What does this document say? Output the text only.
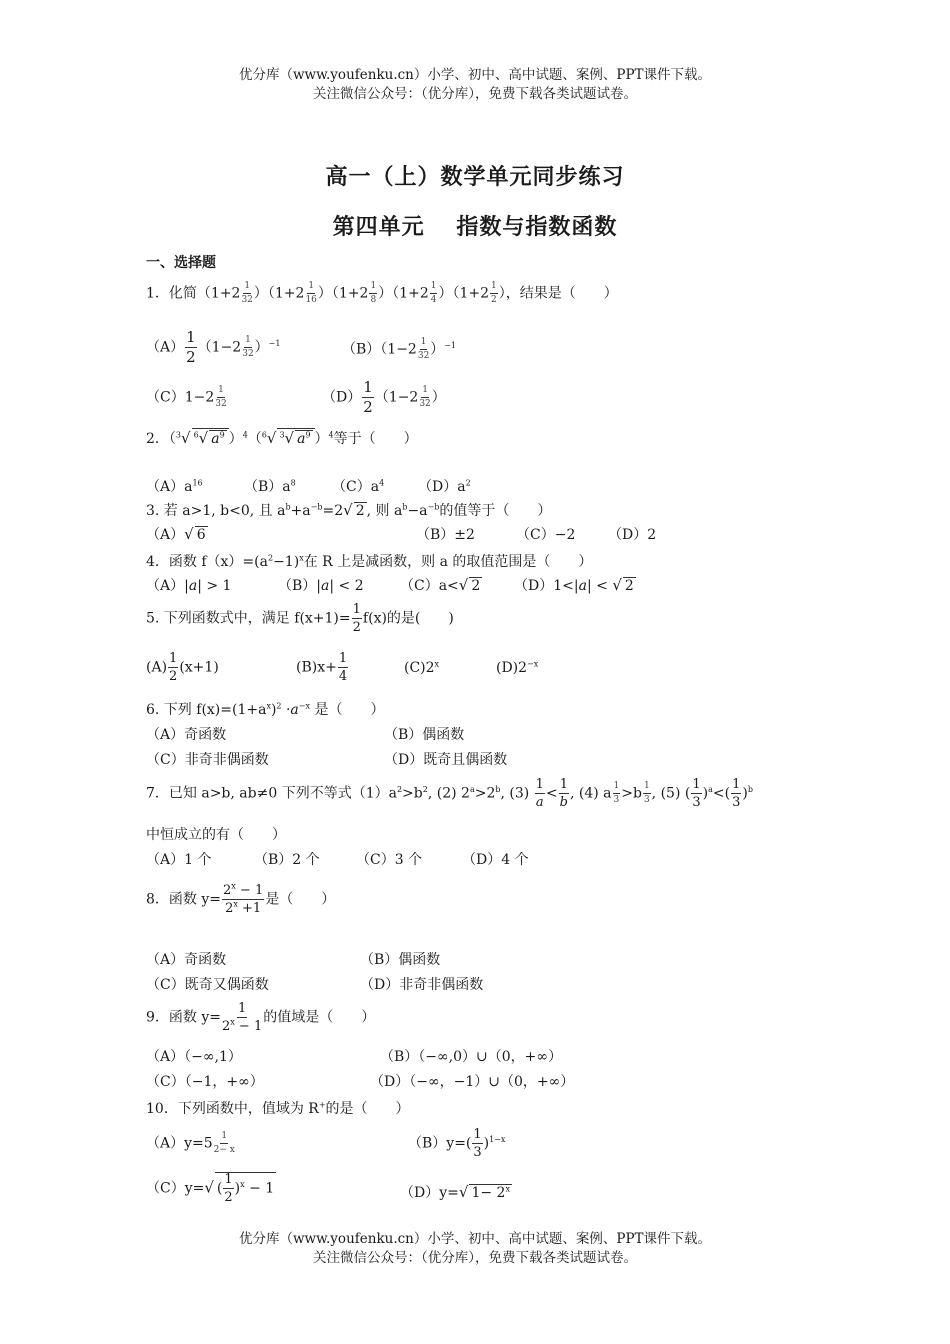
优分库（www.youfenku.cn）小学、初中、高中试题、案例、PPT课件下载。
关注微信公众号：（优分库），免费下载各类试题试卷。
高一（上）数学单元同步练习
第四单元　 指数与指数函数
一、选择题
1．化简$(1+2 \frac{1}{32} )(1+2 \frac{1}{16} )(1+2 \frac{1}{8} )(1+2 \frac{1}{4} )(1+2 \frac{1}{2}$ ），结果是（　　）
$(A) \frac{1}{2} (1-2 \frac{1}{32} )^{-1}$	$(B)(1-2 \frac{1}{32} )^{-1}$
$(C)1-2 \frac{1}{32}$	$(D) \frac{1}{2} (1-2 \frac{1}{32}$ ）
2．（$^3$√ $^6$√ $a^9$ ）$^4$（$^6$√ $^3$√ $a^9$ ）$^4$等于（　　）
$(A)a^{16}$	$(B)a^8$	$(C)a^4$ $(D)a^2$
3. 若 a>1, b<0, 且 $a^b+a^{-b}=2√$ 2 , 则 $a^b-a^{-b}$的值等于（　　）
（A）√ 6	（B）±2	（C）−2 （D）2
4．函数 $f(x)=(a^2-1)^x$在 R 上是减函数，则 a 的取值范围是（　　）
（A）|a| > 1	（B）|a| < 2	（C）a<√ 2 （D）1<|a| < √ 2
5. 下列函数式中，满足 $f(x+1)= \frac{1}{2} f(x)$的是(　　)
$(A) \frac{1}{2} (x+1)$	$(B)x+ \frac{1}{4}$	(C)2$^x$	$(D)2^{-x}$
6. 下列 $f(x)=(1+a^x)^2 \cdot a^{-x}$ 是（　　）
（A）奇函数	（B）偶函数
（C）非奇非偶函数	（D）既奇且偶函数
7．已知 a>b, ab≠0 下列不等式$(1)a^2>b^2$, (2) $2^a>2^b$, $(3) \frac{1}{a} < \frac{1}{b}$ , (4) a $\frac{1}{3} >b \frac{1}{3}$ , (5) ( $\frac{1}{3} )^a<( \frac{1}{3} )^b$
中恒成立的有（　　）
（A）1 个	（B）2 个	（C）3 个	（D）4 个
8．函数 $y= \frac{2^x - 1}{2^x +1}$ 是（　　）
（A）奇函数	（B）偶函数
（C）既奇又偶函数	（D）非奇非偶函数
9．函数 $y= \frac{1}{2^x - 1}$ 的值域是（　　）
（A）（−∞,1）	（B）（−∞,0）∪（0，+∞）
（C）（−1，+∞）	（D）（−∞，−1）∪（0，+∞）
10．下列函数中，值域为 R+的是（　　）
$(A)y=5 \frac{1}{2- x}$	$(B)y=( \frac{1}{3} )^{1-x}$
（C）y=√ ( $\frac{1}{2} )^x - 1$	（D）y=√ $1- 2^x$
优分库（www.youfenku.cn）小学、初中、高中试题、案例、PPT课件下载。
关注微信公众号：（优分库），免费下载各类试题试卷。
